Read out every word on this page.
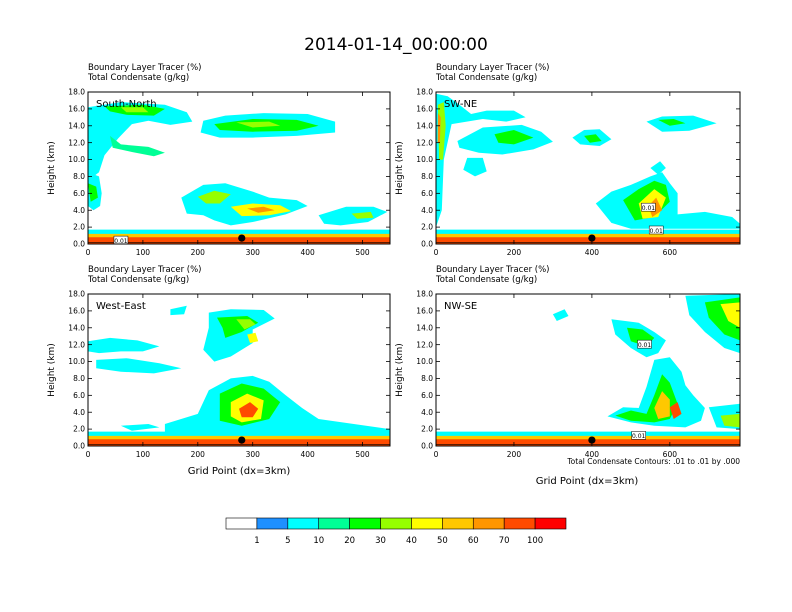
2014-01-14_00:00:00
Boundary Layer Tracer (%)
Total Condensate (g/kg)
0.01
South-North
0.0
2.0
4.0
6.0
8.0
10.0
12.0
14.0
16.0
18.0
0	100	200	300	400	500
Height (km)
Boundary Layer Tracer (%)
Total Condensate (g/kg)
0.01
0.01
SW-NE
0.0
2.0
4.0
6.0
8.0
10.0
12.0
14.0
16.0
18.0
0	200	400	600
Height (km)
Boundary Layer Tracer (%)
Total Condensate (g/kg)
West-East
0.0
2.0
4.0
6.0
8.0
10.0
12.0
14.0
16.0
18.0
0	100	200	300	400	500
Height (km)
Boundary Layer Tracer (%)
Total Condensate (g/kg)
0.01
0.01
NW-SE
0.0
2.0
4.0
6.0
8.0
10.0
12.0
14.0
16.0
18.0
0	200	400	600
Height (km)
Total Condensate Contours: .01 to .01 by .000
Grid Point (dx=3km)
Grid Point (dx=3km)
1	5	10 20 30 40 50 60 70 100
